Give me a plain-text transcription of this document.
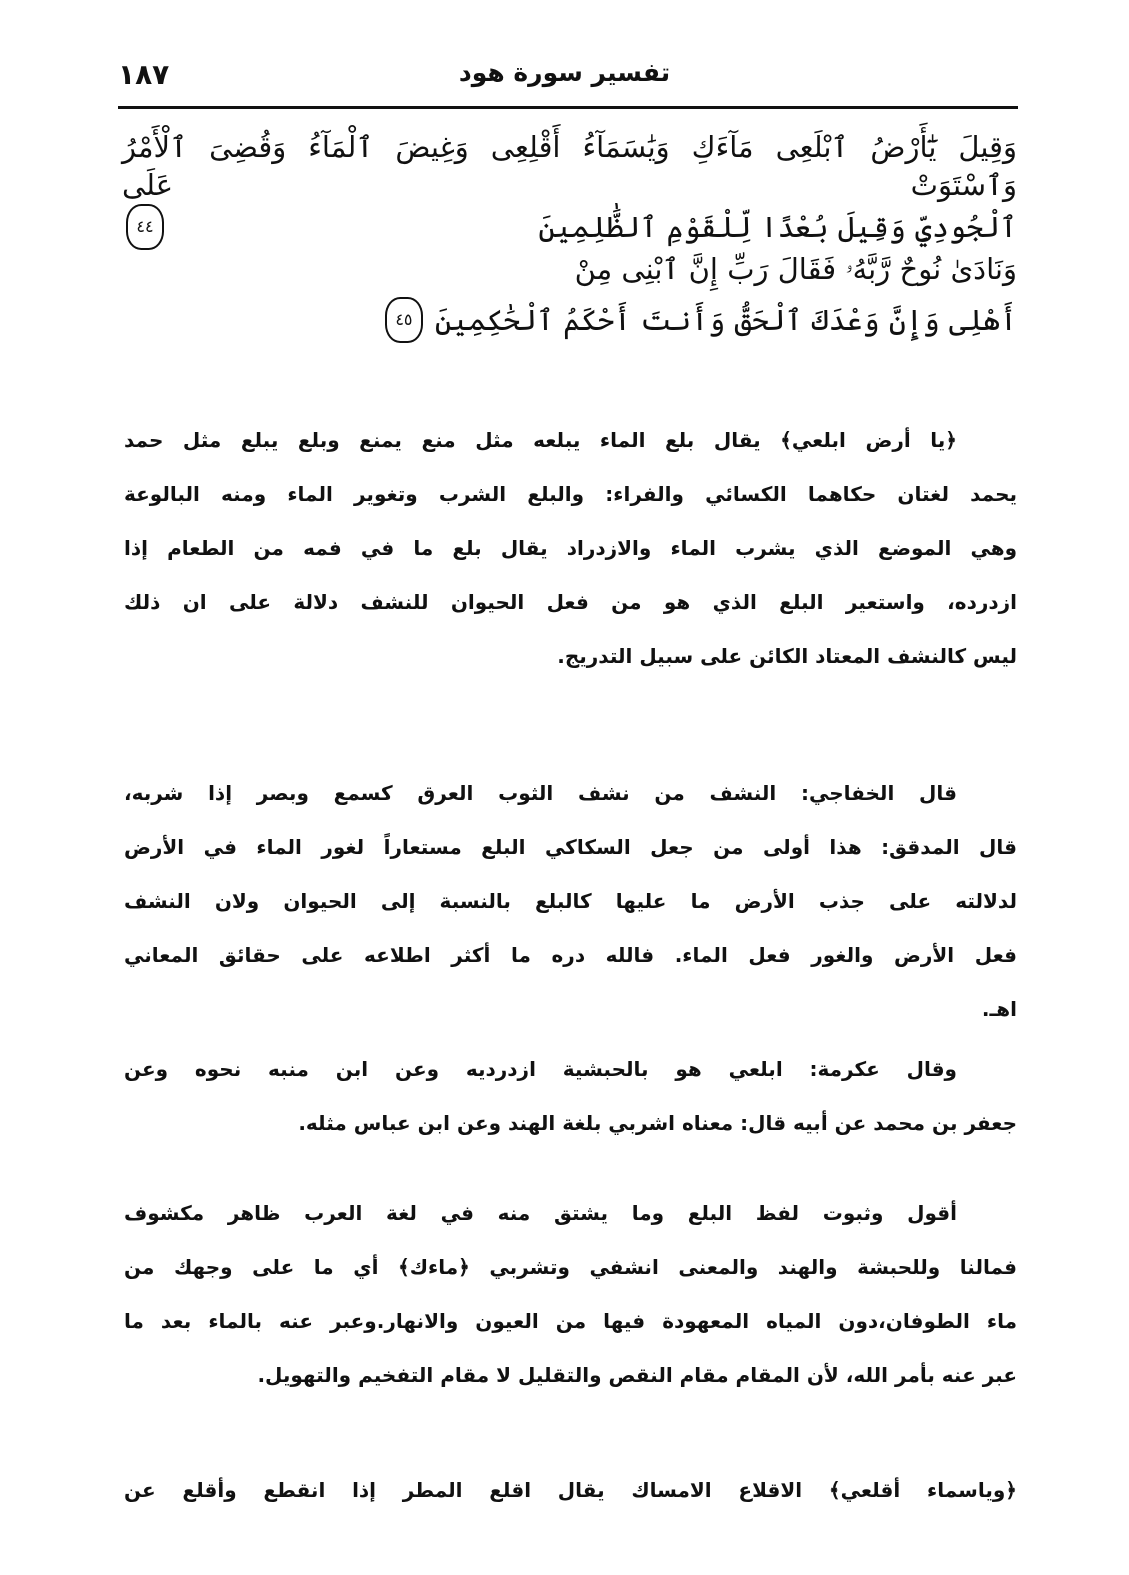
١٨٧	تفسير سورة هود
وَقِيلَ يَٰٓأَرْضُ ٱبْلَعِى مَآءَكِ وَيَٰسَمَآءُ أَقْلِعِى وَغِيضَ ٱلْمَآءُ وَقُضِىَ ٱلْأَمْرُ وَٱسْتَوَتْ عَلَى
ٱلْجُودِيِّ وَقِيلَ بُعْدًا لِّلْقَوْمِ ٱلظَّٰلِمِينَ
٤٤
وَنَادَىٰ نُوحٌ رَّبَّهُۥ فَقَالَ رَبِّ إِنَّ ٱبْنِى مِنْ
أَهْلِى وَإِنَّ وَعْدَكَ ٱلْحَقُّ وَأَنتَ أَحْكَمُ ٱلْحَٰكِمِينَ
٤٥
﴿يا أرض ابلعي﴾ يقال بلع الماء يبلعه مثل منع يمنع وبلع يبلع مثل حمد
يحمد لغتان حكاهما الكسائي والفراء: والبلع الشرب وتغوير الماء ومنه البالوعة
وهي الموضع الذي يشرب الماء والازدراد يقال بلع ما في فمه من الطعام إذا
ازدرده، واستعير البلع الذي هو من فعل الحيوان للنشف دلالة على ان ذلك
ليس كالنشف المعتاد الكائن على سبيل التدريج.
قال الخفاجي: النشف من نشف الثوب العرق كسمع وبصر إذا شربه،
قال المدقق: هذا أولى من جعل السكاكي البلع مستعاراً لغور الماء في الأرض
لدلالته على جذب الأرض ما عليها كالبلع بالنسبة إلى الحيوان ولان النشف
فعل الأرض والغور فعل الماء. فالله دره ما أكثر اطلاعه على حقائق المعاني
اهـ.
وقال عكرمة: ابلعي هو بالحبشية ازدرديه وعن ابن منبه نحوه وعن
جعفر بن محمد عن أبيه قال: معناه اشربي بلغة الهند وعن ابن عباس مثله.
أقول وثبوت لفظ البلع وما يشتق منه في لغة العرب ظاهر مكشوف
فمالنا وللحبشة والهند والمعنى انشفي وتشربي ﴿ماءك﴾ أي ما على وجهك من
ماء الطوفان،دون المياه المعهودة فيها من العيون والانهار.وعبر عنه بالماء بعد ما
عبر عنه بأمر الله، لأن المقام مقام النقص والتقليل لا مقام التفخيم والتهويل.
﴿وياسماء أقلعي﴾ الاقلاع الامساك يقال اقلع المطر إذا انقطع وأقلع عن
